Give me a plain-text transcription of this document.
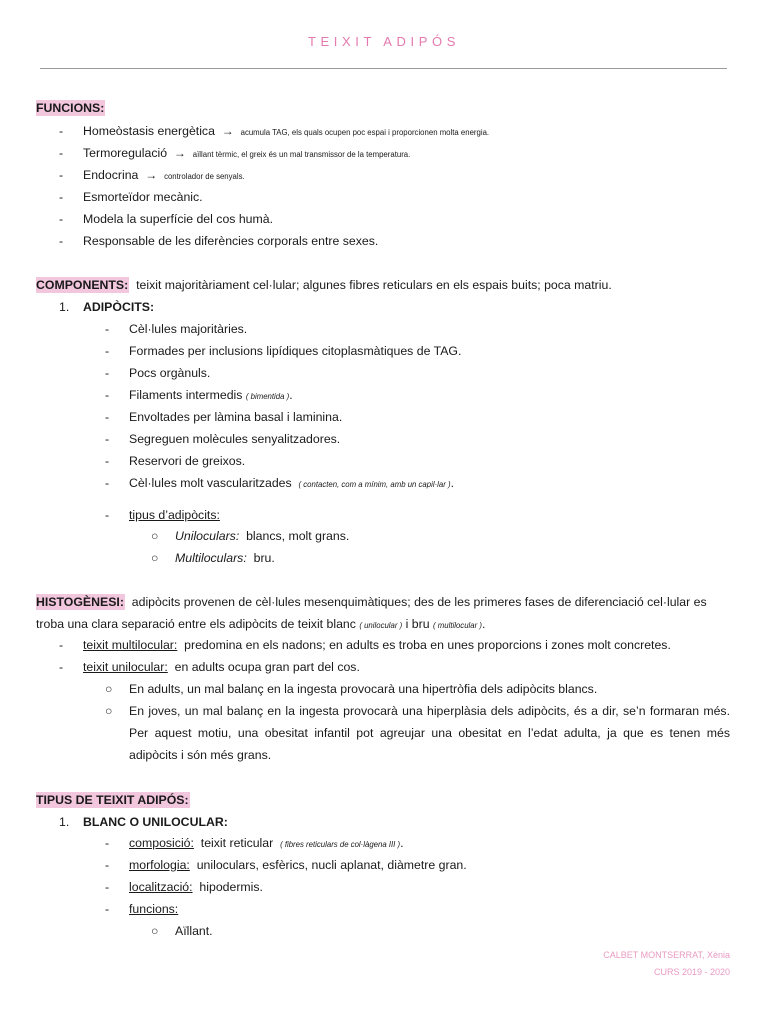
TEIXIT ADIPÓS
FUNCIONS:
- Homeòstasis energètica → acumula TAG, els quals ocupen poc espai i proporcionen molta energia.
- Termoregulació → aïllant tèrmic, el greix és un mal transmissor de la temperatura.
- Endocrina → controlador de senyals.
- Esmorteïdor mecànic.
- Modela la superfície del cos humà.
- Responsable de les diferències corporals entre sexes.
COMPONENTS: teixit majoritàriament cel·lular; algunes fibres reticulars en els espais buits; poca matriu.
1. ADIPÒCITS:
- Cèl·lules majoritàries.
- Formades per inclusions lipídiques citoplasmàtiques de TAG.
- Pocs orgànuls.
- Filaments intermedis ( bimentida ).
- Envoltades per làmina basal i laminina.
- Segreguen molècules senyalitzadores.
- Reservori de greixos.
- Cèl·lules molt vascularitzades ( contacten, com a mínim, amb un capil·lar ).
- tipus d’adipòcits:
○ Uniloculars: blancs, molt grans.
○ Multiloculars: bru.
HISTOGÈNESI: adipòcits provenen de cèl·lules mesenquimàtiques; des de les primeres fases de diferenciació cel·lular es
troba una clara separació entre els adipòcits de teixit blanc ( unilocular ) i bru ( multilocular ).
- teixit multilocular: predomina en els nadons; en adults es troba en unes proporcions i zones molt concretes.
- teixit unilocular: en adults ocupa gran part del cos.
○ En adults, un mal balanç en la ingesta provocarà una hipertròfia dels adipòcits blancs.
○ En joves, un mal balanç en la ingesta provocarà una hiperplàsia dels adipòcits, és a dir, se’n formaran més. Per aquest motiu, una obesitat infantil pot agreujar una obesitat en l’edat adulta, ja que es tenen més adipòcits i són més grans.
TIPUS DE TEIXIT ADIPÓS:
1. BLANC O UNILOCULAR:
- composició: teixit reticular ( fibres reticulars de col·làgena III ).
- morfologia: uniloculars, esfèrics, nucli aplanat, diàmetre gran.
- localització: hipodermis.
- funcions:
○ Aïllant.
CALBET MONTSERRAT, Xènia
CURS 2019 - 2020
